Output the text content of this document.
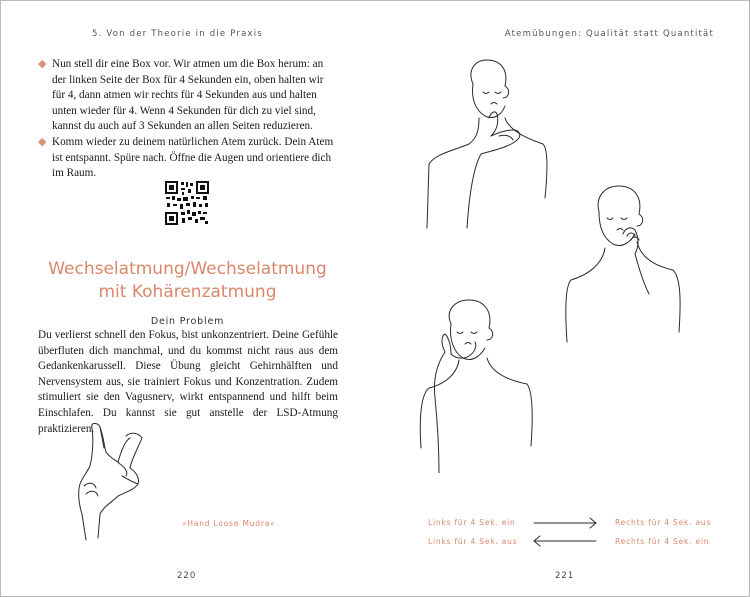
5. Von der Theorie in die Praxis
◆ Nun stell dir eine Box vor. Wir atmen um die Box herum: an der linken Seite der Box für 4 Sekunden ein, oben halten wir für 4, dann atmen wir rechts für 4 Sekunden aus und halten unten wieder für 4. Wenn 4 Sekunden für dich zu viel sind, kannst du auch auf 3 Sekunden an allen Seiten reduzieren.
◆ Komm wieder zu deinem natürlichen Atem zurück. Dein Atem ist entspannt. Spüre nach. Öffne die Augen und orientiere dich im Raum.
Wechselatmung/Wechselatmung
mit Kohärenzatmung
Dein Problem

Du verlierst schnell den Fokus, bist unkonzentriert. Deine Gefühle überfluten dich manchmal, und du kommst nicht raus aus dem Gedankenkarussell. Diese Übung gleicht Gehirnhälften und Nervensystem aus, sie trainiert Fokus und Konzentration. Zudem stimuliert sie den Vagusnerv, wirkt entspannend und hilft beim Einschlafen. Du kannst sie gut anstelle der LSD-Atmung praktizieren.

»Hand Loose Mudra«
220
Atemübungen: Qualität statt Quantität
Links für 4 Sek. ein	Rechts für 4 Sek. aus
Links für 4 Sek. aus	Rechts für 4 Sek. ein
221
